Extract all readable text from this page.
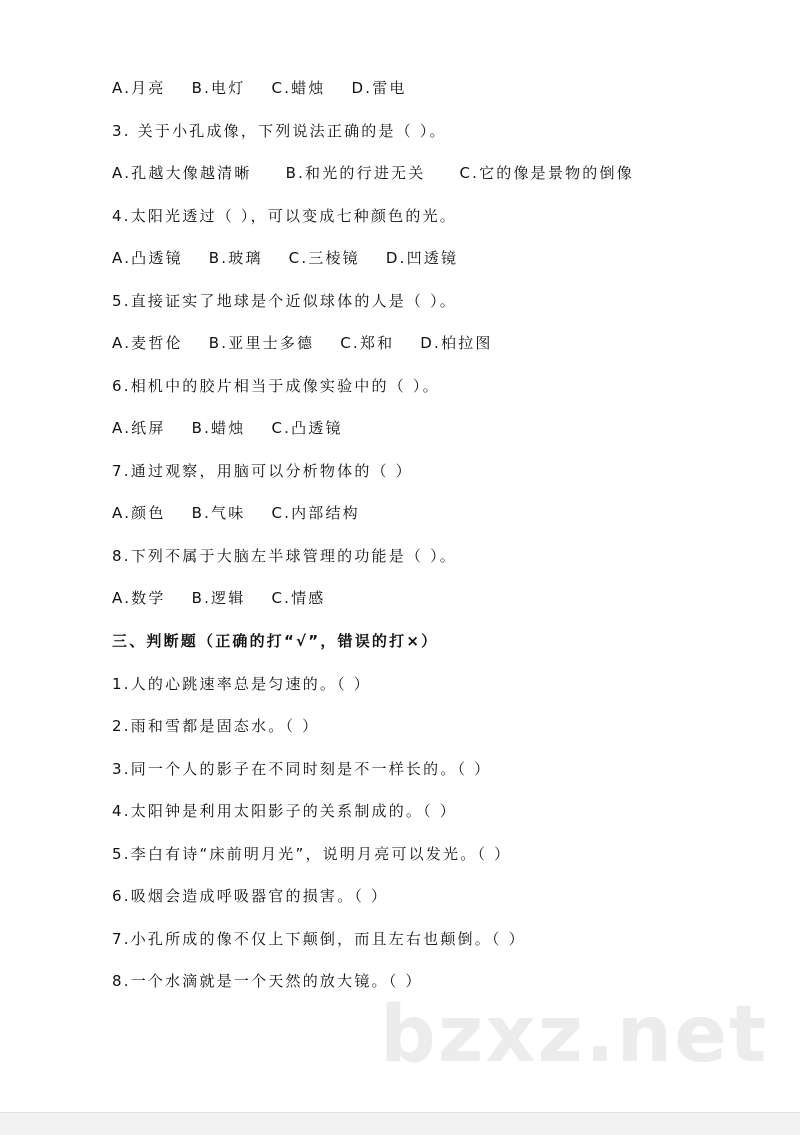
A.月亮 B.电灯 C.蜡烛 D.雷电
3. 关于小孔成像，下列说法正确的是（ ）。
A.孔越大像越清晰 B.和光的行进无关 C.它的像是景物的倒像
4.太阳光透过（ ），可以变成七种颜色的光。
A.凸透镜 B.玻璃 C.三棱镜 D.凹透镜
5.直接证实了地球是个近似球体的人是（ ）。
A.麦哲伦 B.亚里士多德 C.郑和 D.柏拉图
6.相机中的胶片相当于成像实验中的（ ）。
A.纸屏 B.蜡烛 C.凸透镜
7.通过观察，用脑可以分析物体的（ ）
A.颜色 B.气味 C.内部结构
8.下列不属于大脑左半球管理的功能是（ ）。
A.数学 B.逻辑 C.情感
三、判断题（正确的打“√”，错误的打×）
1.人的心跳速率总是匀速的。（ ）
2.雨和雪都是固态水。（ ）
3.同一个人的影子在不同时刻是不一样长的。（ ）
4.太阳钟是利用太阳影子的关系制成的。（ ）
5.李白有诗“床前明月光”，说明月亮可以发光。（ ）
6.吸烟会造成呼吸器官的损害。（ ）
7.小孔所成的像不仅上下颠倒，而且左右也颠倒。（ ）
8.一个水滴就是一个天然的放大镜。（ ）
bzxz.net
